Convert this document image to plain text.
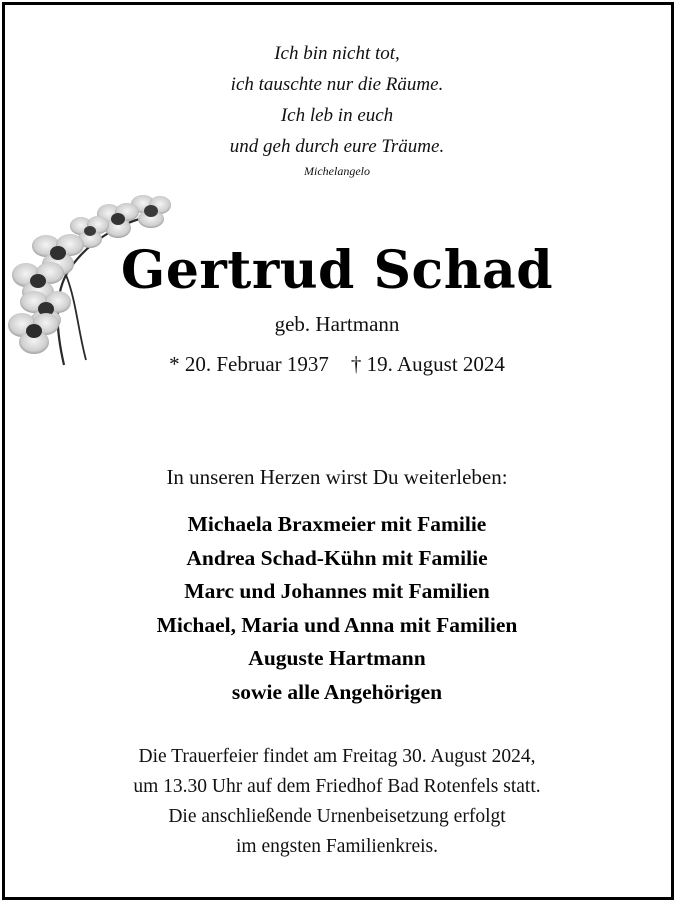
Ich bin nicht tot,
ich tauschte nur die Räume.
Ich leb in euch
und geh durch eure Träume.
Michelangelo
Gertrud Schad
geb. Hartmann
* 20. Februar 1937 † 19. August 2024
In unseren Herzen wirst Du weiterleben:
Michaela Braxmeier mit Familie
Andrea Schad-Kühn mit Familie
Marc und Johannes mit Familien
Michael, Maria und Anna mit Familien
Auguste Hartmann
sowie alle Angehörigen
Die Trauerfeier findet am Freitag 30. August 2024,
um 13.30 Uhr auf dem Friedhof Bad Rotenfels statt.
Die anschließende Urnenbeisetzung erfolgt
im engsten Familienkreis.
